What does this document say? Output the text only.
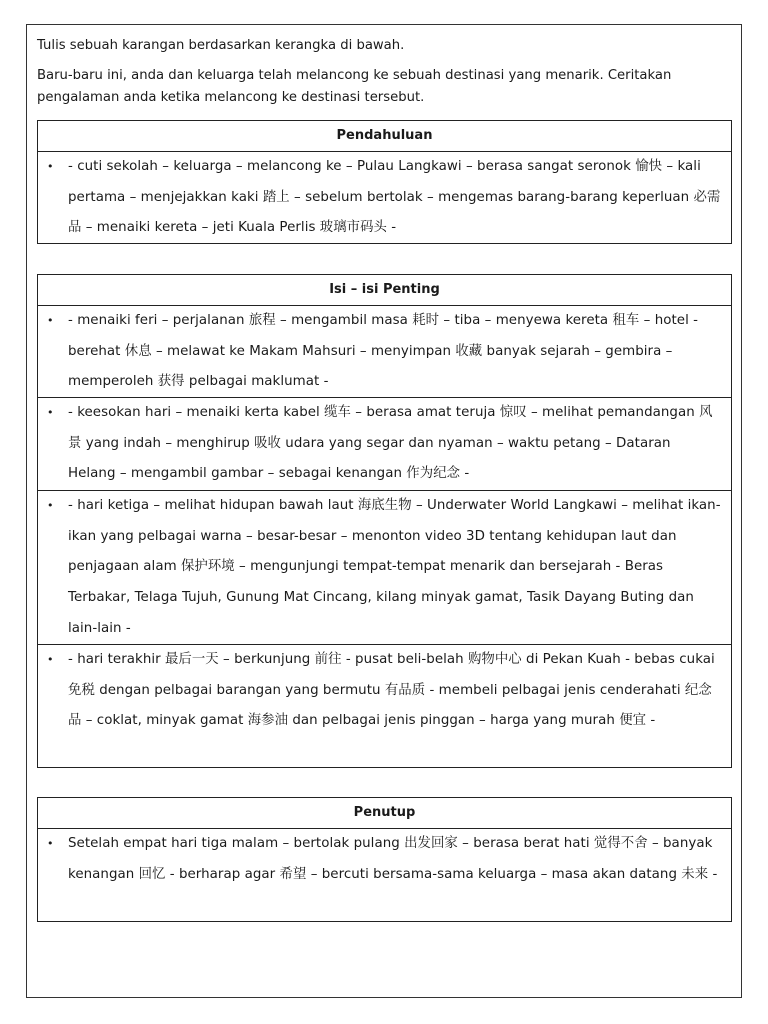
Tulis sebuah karangan berdasarkan kerangka di bawah.
Baru-baru ini, anda dan keluarga telah melancong ke sebuah destinasi yang menarik. Ceritakan pengalaman anda ketika melancong ke destinasi tersebut.
Pendahuluan
• - cuti sekolah – keluarga – melancong ke – Pulau Langkawi – berasa sangat seronok 愉快 – kali pertama – menjejakkan kaki 踏上 – sebelum bertolak – mengemas barang-barang keperluan 必需品 – menaiki kereta – jeti Kuala Perlis 玻璃市码头 -
Isi – isi Penting
• - menaiki feri – perjalanan 旅程 – mengambil masa 耗时 – tiba – menyewa kereta 租车 – hotel - berehat 休息 – melawat ke Makam Mahsuri – menyimpan 收藏 banyak sejarah – gembira – memperoleh 获得 pelbagai maklumat -
• - keesokan hari – menaiki kerta kabel 缆车 – berasa amat teruja 惊叹 – melihat pemandangan 风景 yang indah – menghirup 吸收 udara yang segar dan nyaman – waktu petang – Dataran Helang – mengambil gambar – sebagai kenangan 作为纪念 -
• - hari ketiga – melihat hidupan bawah laut 海底生物 – Underwater World Langkawi – melihat ikan-ikan yang pelbagai warna – besar-besar – menonton video 3D tentang kehidupan laut dan penjagaan alam 保护环境 – mengunjungi tempat-tempat menarik dan bersejarah - Beras Terbakar, Telaga Tujuh, Gunung Mat Cincang, kilang minyak gamat, Tasik Dayang Buting dan lain-lain -
• - hari terakhir 最后一天 – berkunjung 前往 - pusat beli-belah 购物中心 di Pekan Kuah - bebas cukai 免税 dengan pelbagai barangan yang bermutu 有品质 - membeli pelbagai jenis cenderahati 纪念品 – coklat, minyak gamat 海参油 dan pelbagai jenis pinggan – harga yang murah 便宜 -
Penutup
• Setelah empat hari tiga malam – bertolak pulang 出发回家 – berasa berat hati 觉得不舍 – banyak kenangan 回忆 - berharap agar 希望 – bercuti bersama-sama keluarga – masa akan datang 未来 -
